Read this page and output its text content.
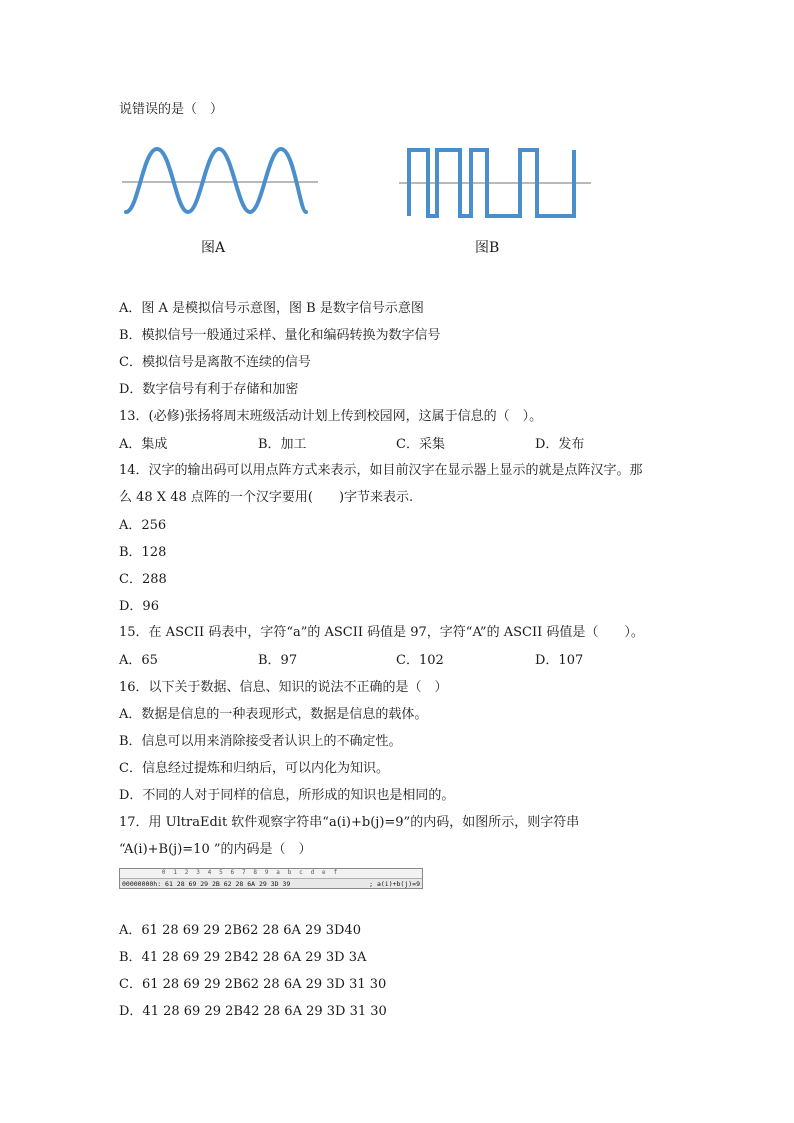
说错误的是（　）
图A	图B
A．图 A 是模拟信号示意图，图 B 是数字信号示意图
B．模拟信号一般通过采样、量化和编码转换为数字信号
C．模拟信号是离散不连续的信号
D．数字信号有利于存储和加密
13．(必修)张扬将周末班级活动计划上传到校园网，这属于信息的（　）。
A．集成	B．加工	C．采集	D．发布
14．汉字的输出码可以用点阵方式来表示，如目前汉字在显示器上显示的就是点阵汉字。那
么 48 X 48 点阵的一个汉字要用(　　)字节来表示.
A．256
B．128
C．288
D．96
15．在 ASCII 码表中，字符“a”的 ASCII 码值是 97，字符“A”的 ASCII 码值是（　　）。
A．65	B．97	C．102	D．107
16．以下关于数据、信息、知识的说法不正确的是（　）
A．数据是信息的一种表现形式，数据是信息的载体。
B．信息可以用来消除接受者认识上的不确定性。
C．信息经过提炼和归纳后，可以内化为知识。
D．不同的人对于同样的信息，所形成的知识也是相同的。
17．用 UltraEdit 软件观察字符串“a(i)+b(j)=9”的内码，如图所示，则字符串
“A(i)+B(j)=10 ”的内码是（　）
0  1  2  3  4  5  6  7  8  9  a  b  c  d  e  f

00000000h: 61 28 69 29 2B 62 28 6A 29 3D 39

	; a(i)+b(j)=9

A．61 28 69 29 2B62 28 6A 29 3D40
B．41 28 69 29 2B42 28 6A 29 3D 3A
C．61 28 69 29 2B62 28 6A 29 3D 31 30
D．41 28 69 29 2B42 28 6A 29 3D 31 30
